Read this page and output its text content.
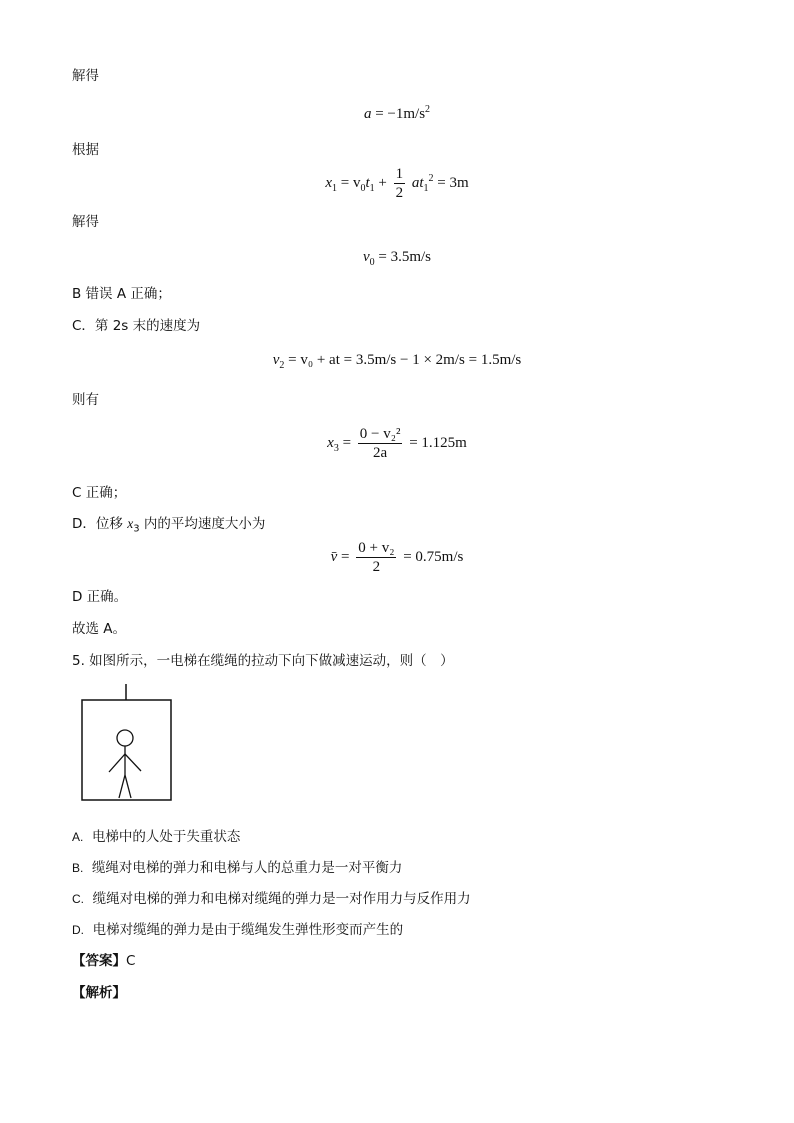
解得
$a = -1m/s^2$
根据
$x_1 = v_0t_1 + \frac{1}{2} at_1^2 = 3m$
解得
$v_0 = 3.5m/s$
B 错误 A 正确；
C．第 2s 末的速度为
$v_2 = v_0$ + at = 3.5m/s − 1 × 2m/s = 1.5m/s
则有
$x_3 = \frac{\text{0 − v₂²}}{2a} = 1.125m$
C 正确；
D．位移 $x_3$ 内的平均速度大小为
v̄ = $\frac{\text{0 + v₂}}{2} = 0.75m/s$
D 正确。
故选 A。
5. 如图所示，一电梯在缆绳的拉动下向下做减速运动，则（　）
A. 电梯中的人处于失重状态
B. 缆绳对电梯的弹力和电梯与人的总重力是一对平衡力
C. 缆绳对电梯的弹力和电梯对缆绳的弹力是一对作用力与反作用力
D. 电梯对缆绳的弹力是由于缆绳发生弹性形变而产生的
【答案】C
【解析】
